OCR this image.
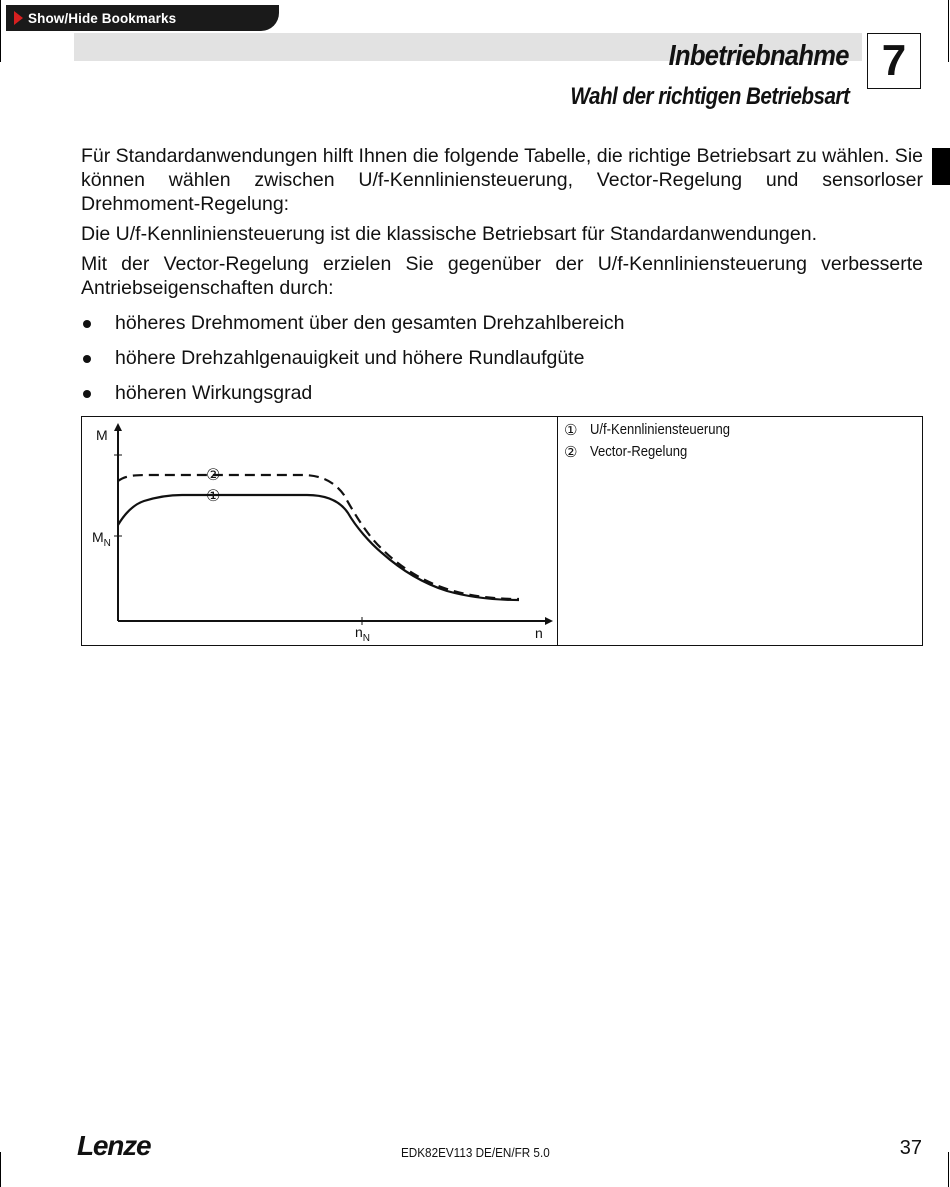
Show/Hide Bookmarks
Inbetriebnahme 7
Wahl der richtigen Betriebsart

Für Standardanwendungen hilft Ihnen die folgende Tabelle, die richtige Betriebsart zu wählen. Sie können wählen zwischen U/f-Kennliniensteuerung, Vector-Regelung und sensorloser Drehmoment-Regelung:

Die U/f-Kennliniensteuerung ist die klassische Betriebsart für Standardanwendungen.

Mit der Vector-Regelung erzielen Sie gegenüber der U/f-Kennliniensteuerung verbesserte Antriebseigenschaften durch:

höheres Drehmoment über den gesamten Drehzahlbereich
höhere Drehzahlgenauigkeit und höhere Rundlaufgüte
höheren Wirkungsgrad
②
①
M
$M_N$
$n_N$	n
① U/f-Kennliniensteuerung
② Vector-Regelung
Lenze	EDK82EV113 DE/EN/FR 5.0	37
